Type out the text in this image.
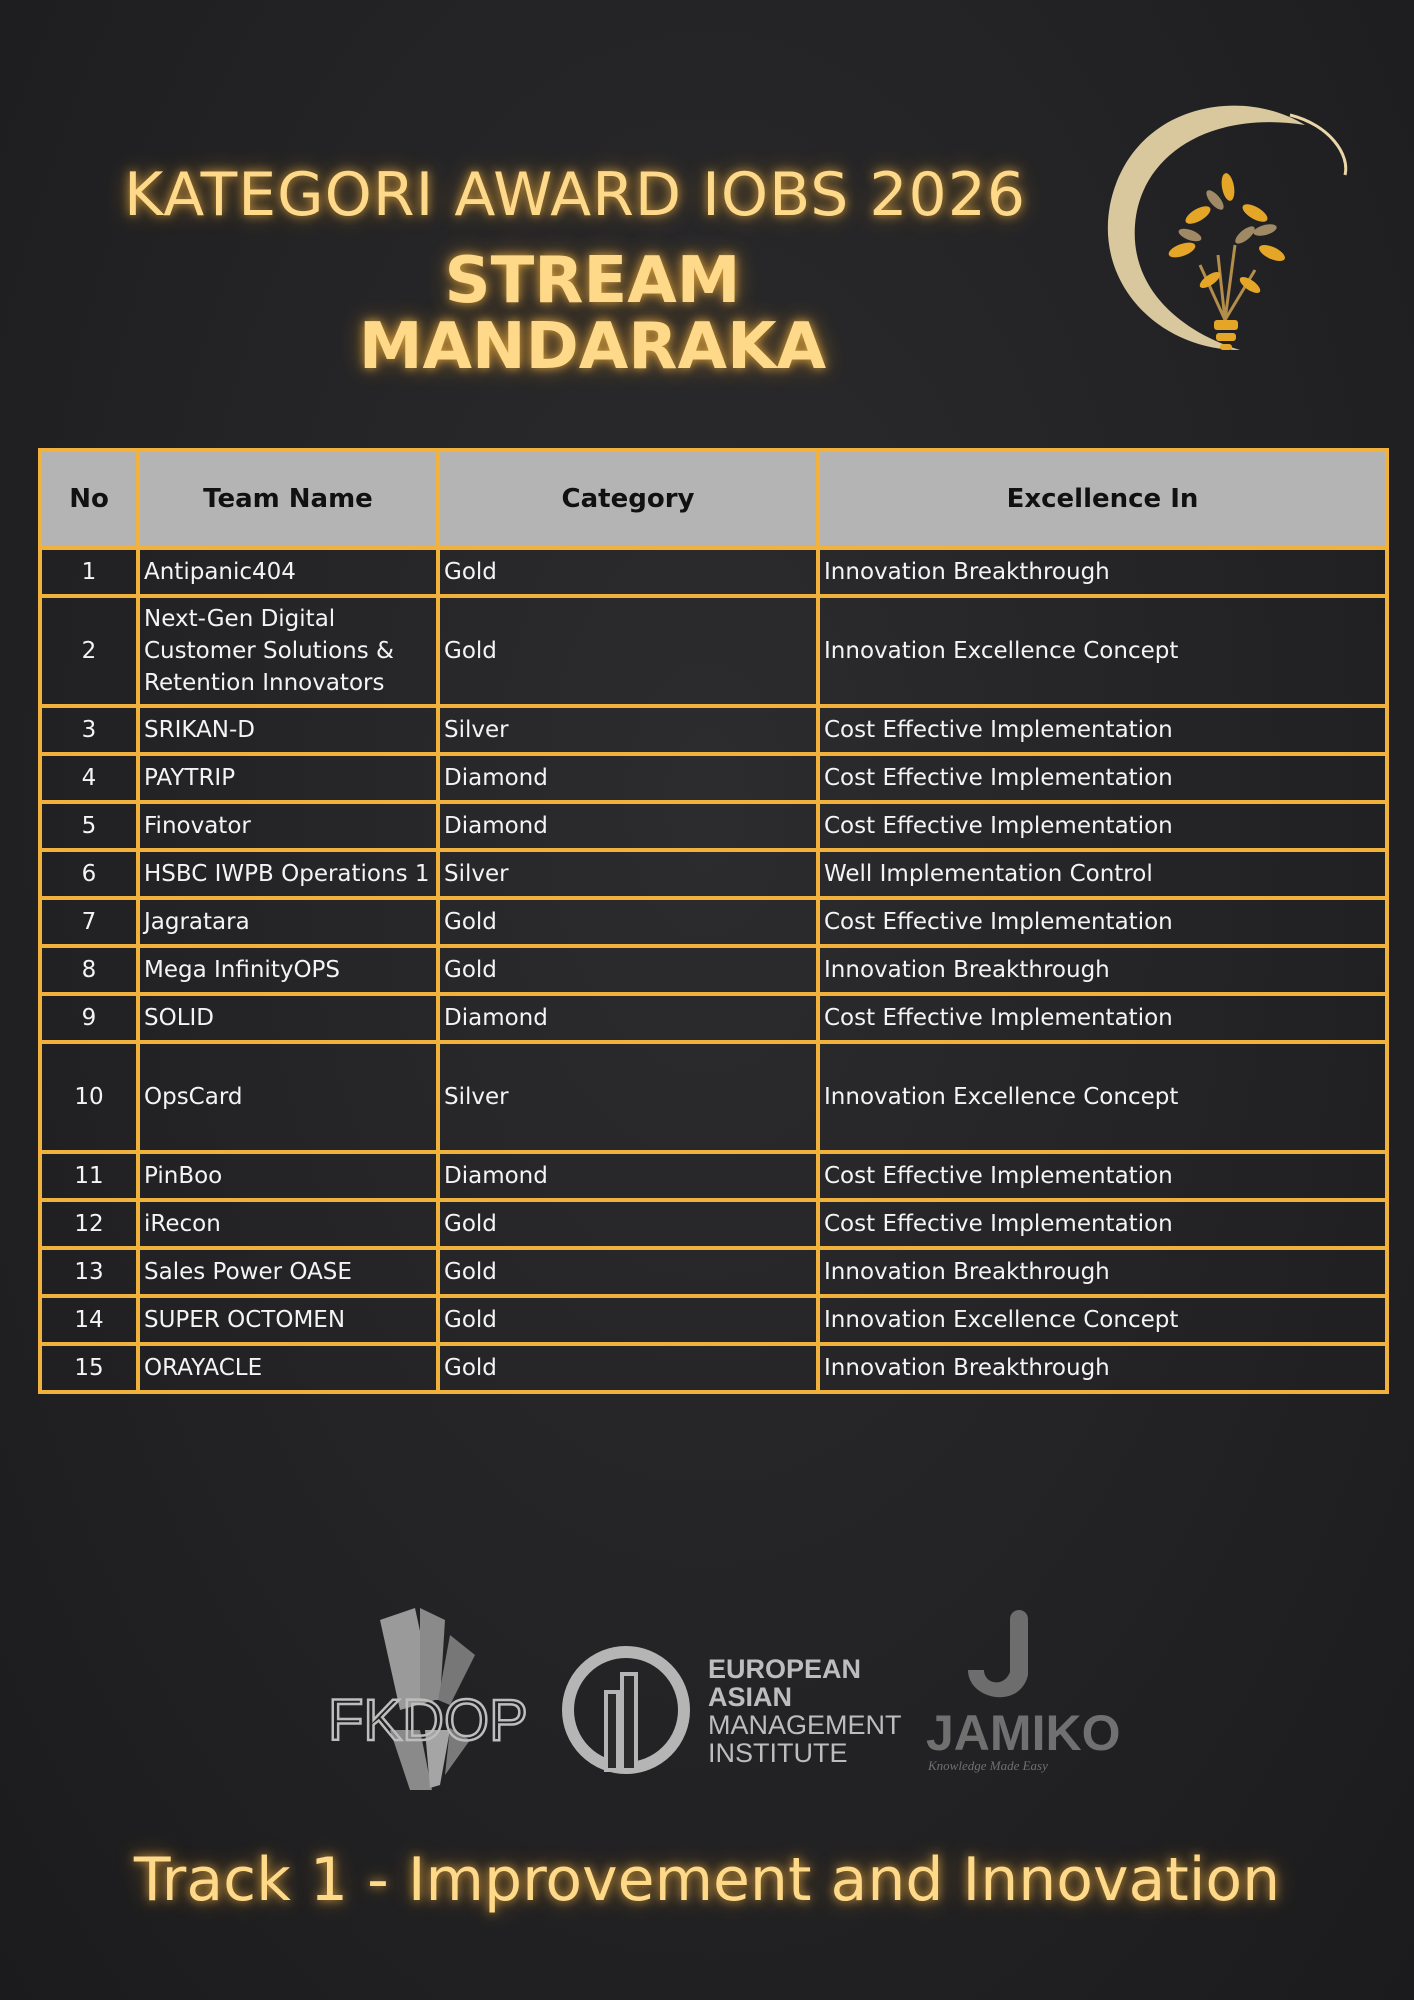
KATEGORI AWARD IOBS 2026
STREAM
MANDARAKA
No	Team Name	Category	Excellence In
1	Antipanic404	Gold	Innovation Breakthrough
2	Next-Gen Digital Customer Solutions & Retention Innovators	Gold	Innovation Excellence Concept
3	SRIKAN-D	Silver	Cost Effective Implementation
4	PAYTRIP	Diamond	Cost Effective Implementation
5	Finovator	Diamond	Cost Effective Implementation
6	HSBC IWPB Operations 1	Silver	Well Implementation Control
7	Jagratara	Gold	Cost Effective Implementation
8	Mega InfinityOPS	Gold	Innovation Breakthrough
9	SOLID	Diamond	Cost Effective Implementation
10	OpsCard	Silver	Innovation Excellence Concept
11	PinBoo	Diamond	Cost Effective Implementation
12	iRecon	Gold	Cost Effective Implementation
13	Sales Power OASE	Gold	Innovation Breakthrough
14	SUPER OCTOMEN	Gold	Innovation Excellence Concept
15	ORAYACLE	Gold	Innovation Breakthrough
FKDOP
EUROPEAN
ASIAN
MANAGEMENT
INSTITUTE JAMIKO
Knowledge Made Easy
Track 1 - Improvement and Innovation
